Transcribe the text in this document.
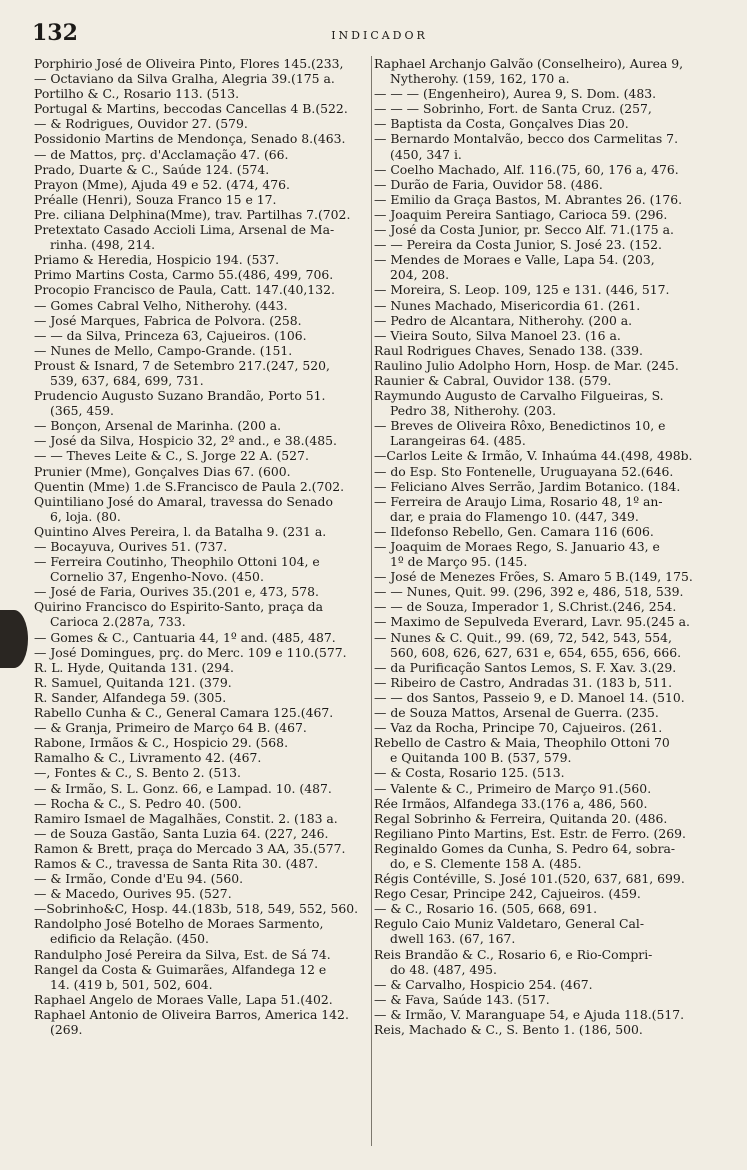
132	INDICADOR
Porphirio José de Oliveira Pinto, Flores 145.(233,
— Octaviano da Silva Gralha, Alegria 39.(175 a.
Portilho & C., Rosario 113. (513.
Portugal & Martins, beccodas Cancellas 4 B.(522.
— & Rodrigues, Ouvidor 27. (579.
Possidonio Martins de Mendonça, Senado 8.(463.
— de Mattos, prç. d'Acclamação 47. (66.
Prado, Duarte & C., Saúde 124. (574.
Prayon (Mme), Ajuda 49 e 52. (474, 476.
Préalle (Henri), Souza Franco 15 e 17.
Pre. ciliana Delphina(Mme), trav. Partilhas 7.(702.
Pretextato Casado Accioli Lima, Arsenal de Ma-
rinha. (498, 214.
Priamo & Heredia, Hospicio 194. (537.
Primo Martins Costa, Carmo 55.(486, 499, 706.
Procopio Francisco de Paula, Catt. 147.(40,132.
— Gomes Cabral Velho, Nitherohy. (443.
— José Marques, Fabrica de Polvora. (258.
— — da Silva, Princeza 63, Cajueiros. (106.
— Nunes de Mello, Campo-Grande. (151.
Proust & Isnard, 7 de Setembro 217.(247, 520,
539, 637, 684, 699, 731.
Prudencio Augusto Suzano Brandão, Porto 51.
(365, 459.
— Bonçon, Arsenal de Marinha. (200 a.
— José da Silva, Hospicio 32, 2º and., e 38.(485.
— — Theves Leite & C., S. Jorge 22 A. (527.
Prunier (Mme), Gonçalves Dias 67. (600.
Quentin (Mme) 1.de S.Francisco de Paula 2.(702.
Quintiliano José do Amaral, travessa do Senado
6, loja. (80.
Quintino Alves Pereira, l. da Batalha 9. (231 a.
— Bocayuva, Ourives 51. (737.
— Ferreira Coutinho, Theophilo Ottoni 104, e
Cornelio 37, Engenho-Novo. (450.
— José de Faria, Ourives 35.(201 e, 473, 578.
Quirino Francisco do Espirito-Santo, praça da
Carioca 2.(287a, 733.
— Gomes & C., Cantuaria 44, 1º and. (485, 487.
— José Domingues, prç. do Merc. 109 e 110.(577.
R. L. Hyde, Quitanda 131. (294.
R. Samuel, Quitanda 121. (379.
R. Sander, Alfandega 59. (305.
Rabello Cunha & C., General Camara 125.(467.
— & Granja, Primeiro de Março 64 B. (467.
Rabone, Irmãos & C., Hospicio 29. (568.
Ramalho & C., Livramento 42. (467.
—, Fontes & C., S. Bento 2. (513.
— & Irmão, S. L. Gonz. 66, e Lampad. 10. (487.
— Rocha & C., S. Pedro 40. (500.
Ramiro Ismael de Magalhães, Constit. 2. (183 a.
— de Souza Gastão, Santa Luzia 64. (227, 246.
Ramon & Brett, praça do Mercado 3 AA, 35.(577.
Ramos & C., travessa de Santa Rita 30. (487.
— & Irmão, Conde d'Eu 94. (560.
— & Macedo, Ourives 95. (527.
—Sobrinho&C, Hosp. 44.(183b, 518, 549, 552, 560.
Randolpho José Botelho de Moraes Sarmento,
edificio da Relação. (450.
Randulpho José Pereira da Silva, Est. de Sá 74.
Rangel da Costa & Guimarães, Alfandega 12 e
14. (419 b, 501, 502, 604.
Raphael Angelo de Moraes Valle, Lapa 51.(402.
Raphael Antonio de Oliveira Barros, America 142.
(269.
Raphael Archanjo Galvão (Conselheiro), Aurea 9,
Nytherohy. (159, 162, 170 a.
— — — (Engenheiro), Aurea 9, S. Dom. (483.
— — — Sobrinho, Fort. de Santa Cruz. (257,
— Baptista da Costa, Gonçalves Dias 20.
— Bernardo Montalvão, becco dos Carmelitas 7.
(450, 347 i.
— Coelho Machado, Alf. 116.(75, 60, 176 a, 476.
— Durão de Faria, Ouvidor 58. (486.
— Emilio da Graça Bastos, M. Abrantes 26. (176.
— Joaquim Pereira Santiago, Carioca 59. (296.
— José da Costa Junior, pr. Secco Alf. 71.(175 a.
— — Pereira da Costa Junior, S. José 23. (152.
— Mendes de Moraes e Valle, Lapa 54. (203,
204, 208.
— Moreira, S. Leop. 109, 125 e 131. (446, 517.
— Nunes Machado, Misericordia 61. (261.
— Pedro de Alcantara, Nitherohy. (200 a.
— Vieira Souto, Silva Manoel 23. (16 a.
Raul Rodrigues Chaves, Senado 138. (339.
Raulino Julio Adolpho Horn, Hosp. de Mar. (245.
Raunier & Cabral, Ouvidor 138. (579.
Raymundo Augusto de Carvalho Filgueiras, S.
Pedro 38, Nitherohy. (203.
— Breves de Oliveira Rôxo, Benedictinos 10, e
Larangeiras 64. (485.
—Carlos Leite & Irmão, V. Inhaúma 44.(498, 498b.
— do Esp. Sto Fontenelle, Uruguayana 52.(646.
— Feliciano Alves Serrão, Jardim Botanico. (184.
— Ferreira de Araujo Lima, Rosario 48, 1º an-
dar, e praia do Flamengo 10. (447, 349.
— Ildefonso Rebello, Gen. Camara 116 (606.
— Joaquim de Moraes Rego, S. Januario 43, e
1º de Março 95. (145.
— José de Menezes Frões, S. Amaro 5 B.(149, 175.
— — Nunes, Quit. 99. (296, 392 e, 486, 518, 539.
— — de Souza, Imperador 1, S.Christ.(246, 254.
— Maximo de Sepulveda Everard, Lavr. 95.(245 a.
— Nunes & C. Quit., 99. (69, 72, 542, 543, 554,
560, 608, 626, 627, 631 e, 654, 655, 656, 666.
— da Purificação Santos Lemos, S. F. Xav. 3.(29.
— Ribeiro de Castro, Andradas 31. (183 b, 511.
— — dos Santos, Passeio 9, e D. Manoel 14. (510.
— de Souza Mattos, Arsenal de Guerra. (235.
— Vaz da Rocha, Principe 70, Cajueiros. (261.
Rebello de Castro & Maia, Theophilo Ottoni 70
e Quitanda 100 B. (537, 579.
— & Costa, Rosario 125. (513.
— Valente & C., Primeiro de Março 91.(560.
Rée Irmãos, Alfandega 33.(176 a, 486, 560.
Regal Sobrinho & Ferreira, Quitanda 20. (486.
Regiliano Pinto Martins, Est. Estr. de Ferro. (269.
Reginaldo Gomes da Cunha, S. Pedro 64, sobra-
do, e S. Clemente 158 A. (485.
Régis Contéville, S. José 101.(520, 637, 681, 699.
Rego Cesar, Principe 242, Cajueiros. (459.
— & C., Rosario 16. (505, 668, 691.
Regulo Caio Muniz Valdetaro, General Cal-
dwell 163. (67, 167.
Reis Brandão & C., Rosario 6, e Rio-Compri-
do 48. (487, 495.
— & Carvalho, Hospicio 254. (467.
— & Fava, Saúde 143. (517.
— & Irmão, V. Maranguape 54, e Ajuda 118.(517.
Reis, Machado & C., S. Bento 1. (186, 500.
